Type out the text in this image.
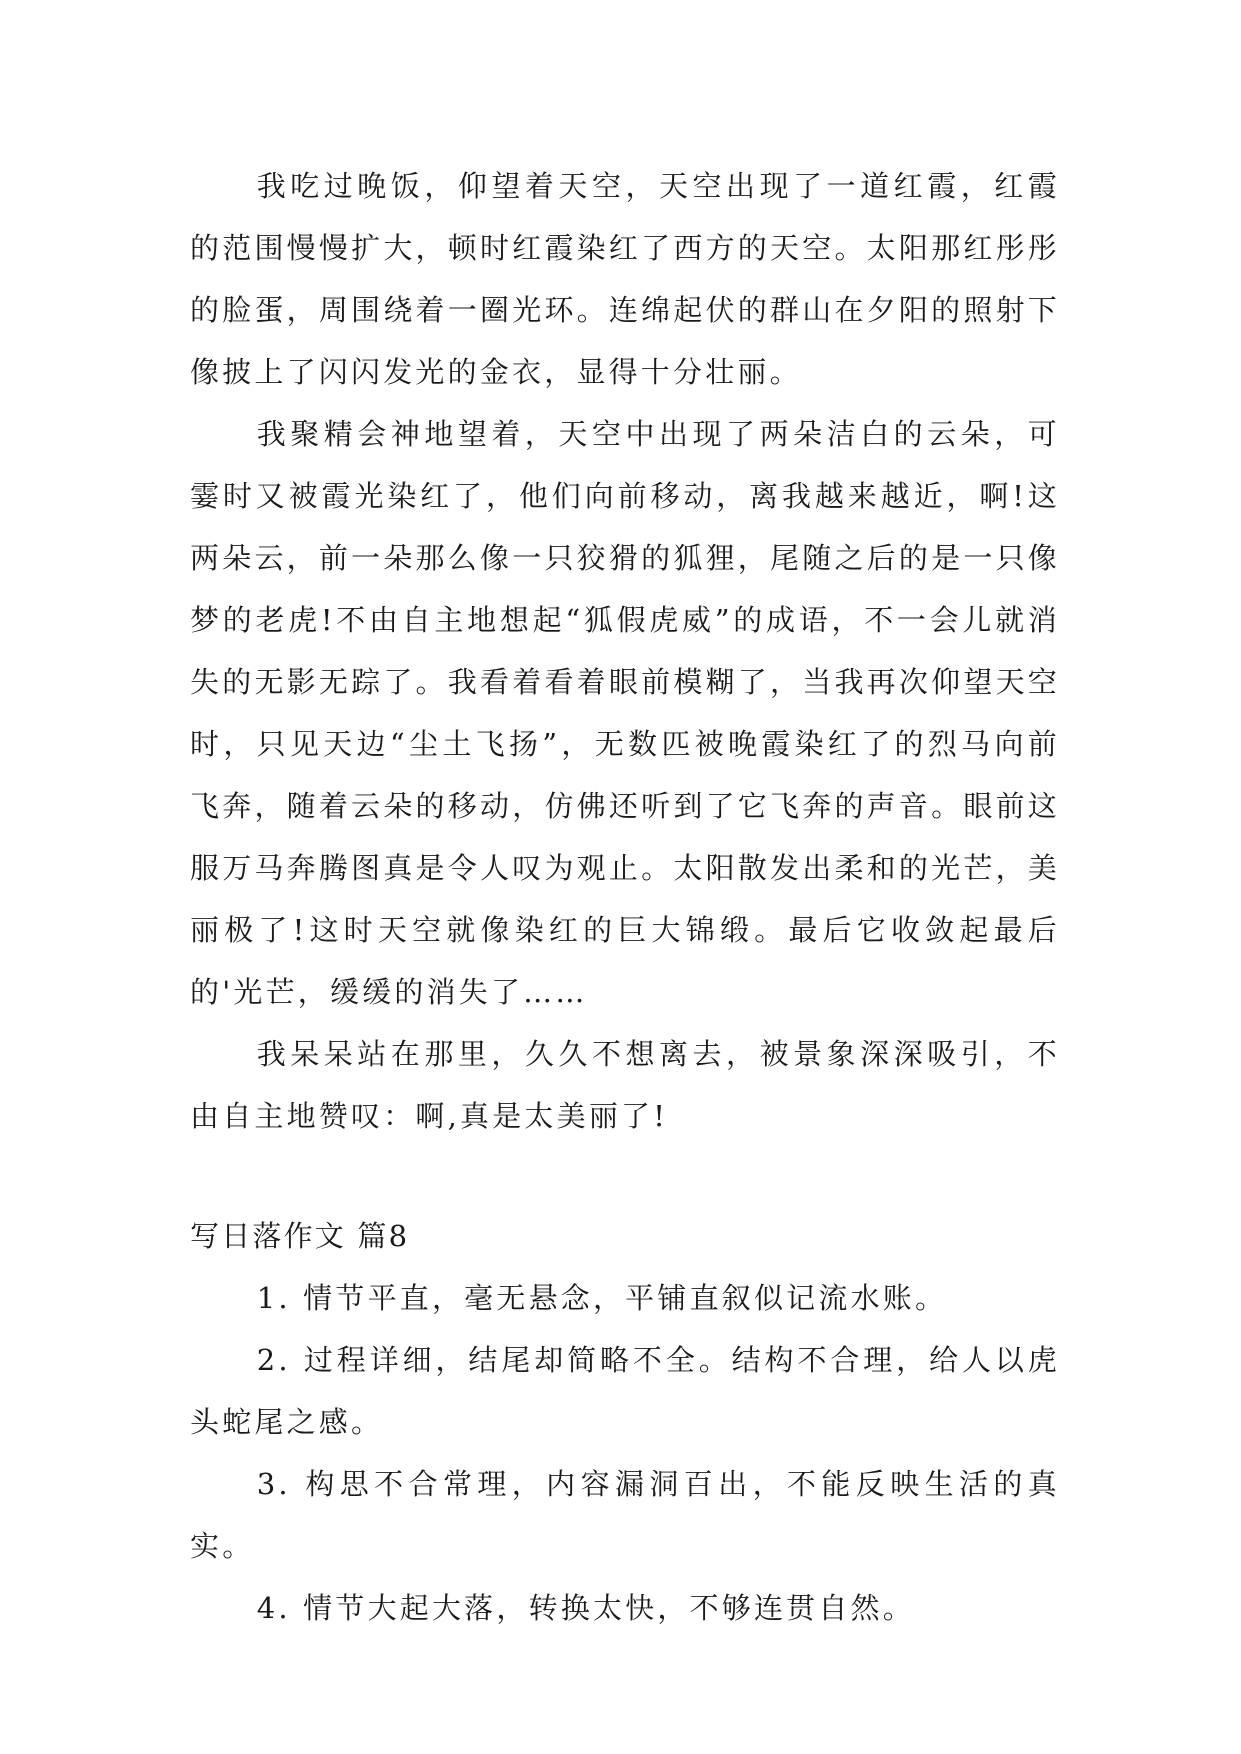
我吃过晚饭，仰望着天空，天空出现了一道红霞，红霞的范围慢慢扩大，顿时红霞染红了西方的天空。太阳那红彤彤的脸蛋，周围绕着一圈光环。连绵起伏的群山在夕阳的照射下像披上了闪闪发光的金衣，显得十分壮丽。

我聚精会神地望着，天空中出现了两朵洁白的云朵，可霎时又被霞光染红了，他们向前移动，离我越来越近，啊!这两朵云，前一朵那么像一只狡猾的狐狸，尾随之后的是一只像梦的老虎!不由自主地想起“狐假虎威”的成语，不一会儿就消失的无影无踪了。我看着看着眼前模糊了，当我再次仰望天空时，只见天边“尘土飞扬”，无数匹被晚霞染红了的烈马向前飞奔，随着云朵的移动，仿佛还听到了它飞奔的声音。眼前这服万马奔腾图真是令人叹为观止。太阳散发出柔和的光芒，美丽极了!这时天空就像染红的巨大锦缎。最后它收敛起最后的'光芒，缓缓的消失了……

我呆呆站在那里，久久不想离去，被景象深深吸引，不由自主地赞叹：啊,真是太美丽了!

写日落作文 篇8

1. 情节平直，毫无悬念，平铺直叙似记流水账。

2. 过程详细，结尾却简略不全。结构不合理，给人以虎头蛇尾之感。

3. 构思不合常理，内容漏洞百出，不能反映生活的真实。

4. 情节大起大落，转换太快，不够连贯自然。
